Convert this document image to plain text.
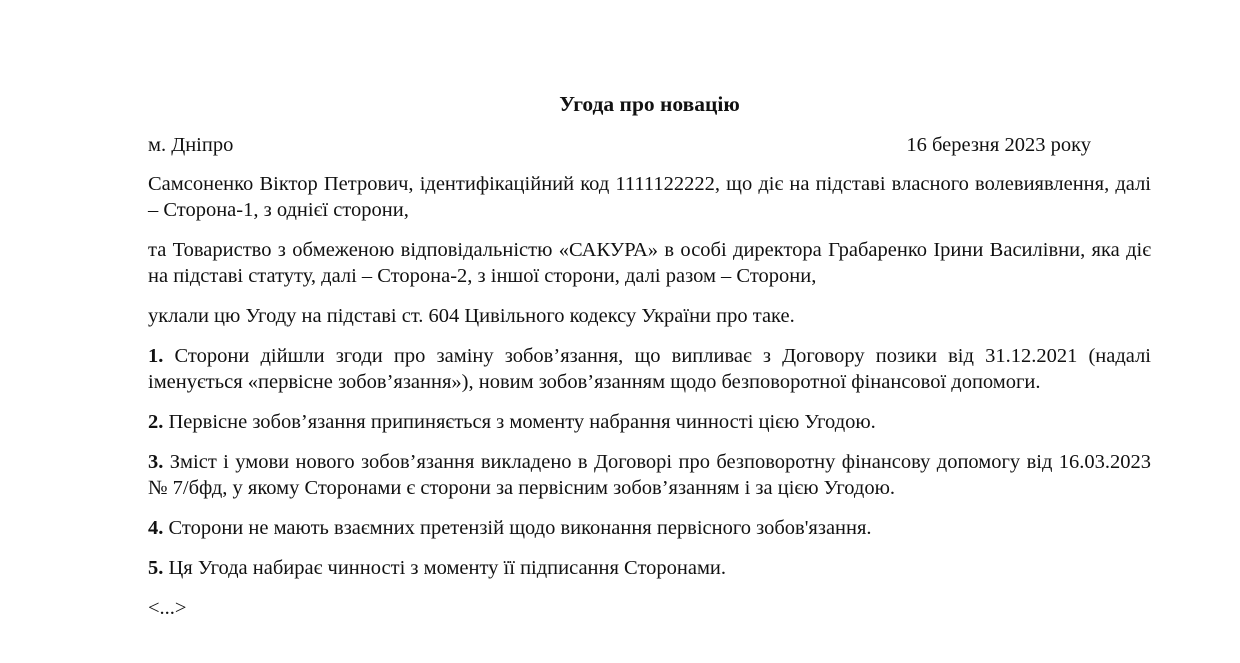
Угода про новацію
м. Дніпро	16 березня 2023 року

Самсоненко Віктор Петрович, ідентифікаційний код 1111122222, що діє на підставі власного волевиявлення, далі – Сторона-1, з однієї сторони,

та Товариство з обмеженою відповідальністю «САКУРА» в особі директора Грабаренко Ірини Василівни, яка діє на підставі статуту, далі – Сторона-2, з іншої сторони, далі разом – Сторони,

уклали цю Угоду на підставі ст. 604 Цивільного кодексу України про таке.

1. Сторони дійшли згоди про заміну зобов’язання, що випливає з Договору позики від 31.12.2021 (надалі іменується «первісне зобов’язання»), новим зобов’язанням щодо безповоротної фінансової допомоги.

2. Первісне зобов’язання припиняється з моменту набрання чинності цією Угодою.

3. Зміст і умови нового зобов’язання викладено в Договорі про безповоротну фінансову допомогу від 16.03.2023 № 7/бфд, у якому Сторонами є сторони за первісним зобов’язанням і за цією Угодою.

4. Сторони не мають взаємних претензій щодо виконання первісного зобов'язання.

5. Ця Угода набирає чинності з моменту її підписання Сторонами.

<...>
